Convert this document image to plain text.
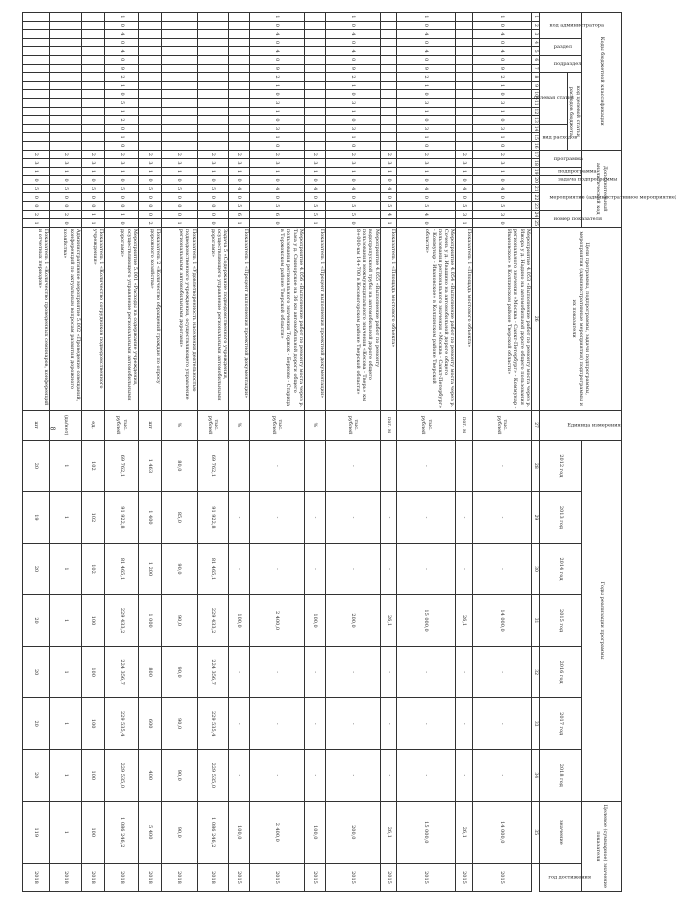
8
Коды бюджетной классификации																Дополнительный аналитический код									Цели программы, подпрограммы, задачи подпрограммы, мероприятия (административные мероприятия) подпрограммы и их показатели	Единица измерения	Годы реализации программы							Целевое (суммарное) значение показателя	

код администратора			раздел		подраздел		код целевой статьи расходов бюджета									программа		подпрограмма	задача подпрограммы	мероприятие (административное мероприятие)			номер показателя				2012 год	2013 год	2014 год	2015 год	2016 год	2017 год	2018 год	значение	год достижения

							целевая статья						вид расходов																						

1	2	3	4	5	6	7	8	9	10	11	12	13	14	15	16	17	18	19	20	21	22	23	24	25	26	27	28	29	30	31	32	33	34	35	
1	0	4	0	4	0	9	2	1	0	3	1	0	3	1	0	2	3	1	0	4	0	5	3	0	Мероприятие 4.053 «Выполнение работ по ремонту моста через р. Ижора у д. Надино на автомобильной дороге общего пользования регионального значения «Москва - Санкт-Петербург» - Коммунар - Ивановское» в Колпинском районе Тверской области»	тыс. рублей	-	-	-	14 000,0	-	-	-	14 000,0	2015
																2	3	1	0	4	0	5	3	1	Показатель 1 «Площадь мостового объекта»	пог. м		-	-	26,1	-	-	-	26,1	2015
1	0	4	0	4	0	9	2	1	0	3	1	0	3	1	0	2	3	1	0	4	0	5	4	0	Мероприятие 4.054 «Выполнение работ по ремонту моста через р. Сочень у д. Ивашино на автомобильной дороге общего пользования регионального значения «Москва - Санкт-Петербург» - Коммунар - Ивановское» в Колпинском районе Тверской области»	тыс. рублей	-	-	-	15 000,0	-	-	-	15 000,0	2015
																2	3	1	0	4	0	5	4	1	Показатель 1 «Площадь мостового объекта»	пог. м		-	-	26,1	-	-	-	26,1	2015
1	0	4	0	4	0	9	2	1	0	3	1	0	3	1	0	2	3	1	0	4	0	5	5	0	Мероприятие 4.055 «Выполнение работ по ремонту водопропускной трубы на автомобильной дороге общего пользования межмуниципального значения «Кесова - Тверь» км 8+000-км 14+700 в Кесовогорском районе Тверской области»	тыс. рублей	-	-	-	200,0	-	-	-	200,0	2015
																2	3	1	0	4	0	5	5	1	Показатель 1 «Процент выполнения проектной документации»	%		-	-	100,0	-	-	-	100,0	2015
1	0	4	0	4	0	9	2	1	0	3	1	0	3	1	0	2	3	1	0	4	0	5	6	0	Мероприятие 4.056 «Выполнение работ по ремонту моста через р. Тьма у д. Свинорское на 36 км автомобильной дороги общего пользования регионального значения Торжок - Берново - Старица в Торжокском районе Тверской области»	тыс. рублей	-	-	-	2 400,0	-	-	-	2 400,0	2015
																2	3	1	0	4	0	5	6	1	Показатель 1 «Процент выполнения проектной документации»	%		-	-	100,0	-	-	-	100,0	2015
																2	3	1	0	5	0	0	0	0	Задача 5 «Содержание подведомственного учреждения, осуществляющего управление региональными автомобильными дорогами»	тыс. рублей	69 762,1	91 922,8	81 465,1	229 433,2	224 356,7	229 535,4	229 535,0	1 086 246,2	2018
																2	3	1	0	5	0	0	0	1	Показатель 1 «Удовлетворенность населения деятельностью подведомственного учреждения, осуществляющего управление региональными автомобильными дорогами»	%	80,0	85,0	90,0	90,0	90,0	90,0	90,0	90,0	2018
																2	3	1	0	5	0	0	0	2	Показатель 2 «Количество обращений граждан по опросу дорожного хозяйства»	шт	1 463	1 400	1 200	1 000	800	600	400	5 400	2018
1	0	4	0	4	0	9	2	1	0	5	1	2	0	1	0	2	3	1	0	5	0	0	1	0	Мероприятие 5.001 «Расходы на содержание учреждения, осуществляющего управление региональными автомобильными дорогами»	тыс. рублей	69 762,1	91 922,8	81 465,1	229 433,2	224 356,7	229 535,4	229 535,0	1 086 246,2	2018
																2	3	1	0	5	0	0	1	1	Показатель 1 «Количество сотрудников подведомственного учреждения»	ед.	102	102	102	100	100	100	100	100	2018
																2	3	1	0	5	0	0	2	0	Административное мероприятие 5.002 «Проведение совещаний, конференций по актуальным вопросам развития дорожного хозяйства»	(да/нет)	1	1	1	1	1	1	1	1	2018
																2	3	1	0	5	0	0	2	1	Показатель 1 «Количество проведенных семинаров, конференций и отчетных периодов»	шт	20	19	20	20	20	20	20	119	2018
